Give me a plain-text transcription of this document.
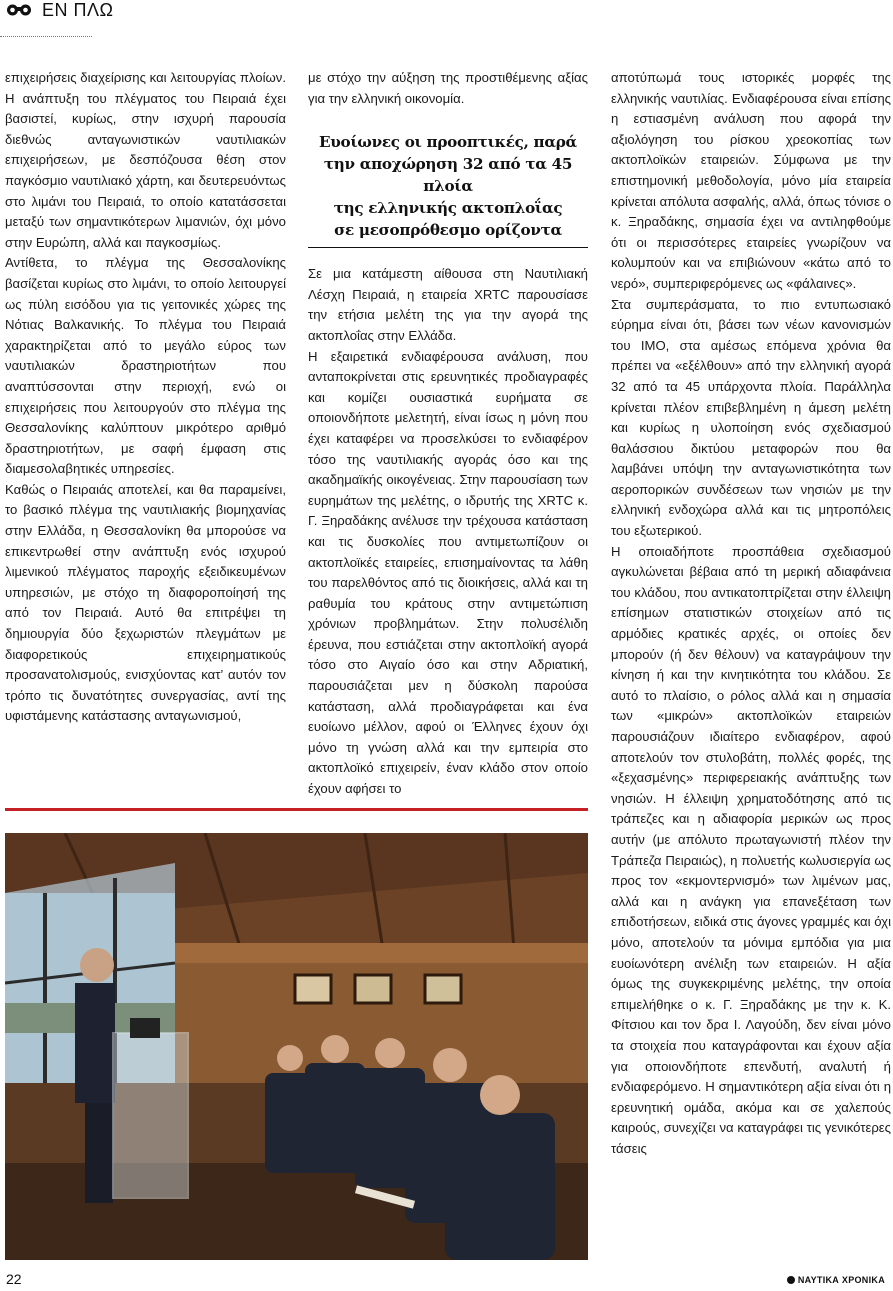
ΕΝ ΠΛΩ

επιχειρήσεις διαχείρισης και λειτουργίας πλοίων. Η ανάπτυξη του πλέγματος του Πειραιά έχει βασιστεί, κυρίως, στην ισχυρή παρουσία διεθνώς ανταγωνιστικών ναυτιλιακών επιχειρήσεων, με δεσπόζουσα θέση στον παγκόσμιο ναυτιλιακό χάρτη, και δευτερευόντως στο λιμάνι του Πειραιά, το οποίο κατατάσσεται μεταξύ των σημαντικότερων λιμανιών, όχι μόνο στην Ευρώπη, αλλά και παγκοσμίως.

Αντίθετα, το πλέγμα της Θεσσαλονίκης βασίζεται κυρίως στο λιμάνι, το οποίο λειτουργεί ως πύλη εισόδου για τις γειτονικές χώρες της Νότιας Βαλκανικής. Το πλέγμα του Πειραιά χαρακτηρίζεται από το μεγάλο εύρος των ναυτιλιακών δραστηριοτήτων που αναπτύσσονται στην περιοχή, ενώ οι επιχειρήσεις που λειτουργούν στο πλέγμα της Θεσσαλονίκης καλύπτουν μικρότερο αριθμό δραστηριοτήτων, με σαφή έμφαση στις διαμεσολαβητικές υπηρεσίες.

Καθώς ο Πειραιάς αποτελεί, και θα παραμείνει, το βασικό πλέγμα της ναυτιλιακής βιομηχανίας στην Ελλάδα, η Θεσσαλονίκη θα μπορούσε να επικεντρωθεί στην ανάπτυξη ενός ισχυρού λιμενικού πλέγματος παροχής εξειδικευμένων υπηρεσιών, με στόχο τη διαφοροποίησή της από τον Πειραιά. Αυτό θα επιτρέψει τη δημιουργία δύο ξεχωριστών πλεγμάτων με διαφορετικούς επιχειρηματικούς προσανατολισμούς, ενισχύοντας κατ’ αυτόν τον τρόπο τις δυνατότητες συνεργασίας, αντί της υφιστάμενης κατάστασης ανταγωνισμού,

με στόχο την αύξηση της προστιθέμενης αξίας για την ελληνική οικονομία.

Ευοίωνες οι προοπτικές, παρά
την αποχώρηση 32 από τα 45 πλοία
της ελληνικής ακτοπλοΐας
σε μεσοπρόθεσμο ορίζοντα

Σε μια κατάμεστη αίθουσα στη Ναυτιλιακή Λέσχη Πειραιά, η εταιρεία XRTC παρουσίασε την ετήσια μελέτη της για την αγορά της ακτοπλοΐας στην Ελλάδα.

Η εξαιρετικά ενδιαφέρουσα ανάλυση, που ανταποκρίνεται στις ερευνητικές προδιαγραφές και κομίζει ουσιαστικά ευρήματα σε οποιονδήποτε μελετητή, είναι ίσως η μόνη που έχει καταφέρει να προσελκύσει το ενδιαφέρον τόσο της ναυτιλιακής αγοράς όσο και της ακαδημαϊκής οικογένειας. Στην παρουσίαση των ευρημάτων της μελέτης, ο ιδρυτής της XRTC κ. Γ. Ξηραδάκης ανέλυσε την τρέχουσα κατάσταση και τις δυσκολίες που αντιμετωπίζουν οι ακτοπλοϊκές εταιρείες, επισημαίνοντας τα λάθη του παρελθόντος από τις διοικήσεις, αλλά και τη ραθυμία του κράτους στην αντιμετώπιση χρόνιων προβλημάτων. Στην πολυσέλιδη έρευνα, που εστιάζεται στην ακτοπλοϊκή αγορά τόσο στο Αιγαίο όσο και στην Αδριατική, παρουσιάζεται μεν η δύσκολη παρούσα κατάσταση, αλλά προδιαγράφεται και ένα ευοίωνο μέλλον, αφού οι Έλληνες έχουν όχι μόνο τη γνώση αλλά και την εμπειρία στο ακτοπλοϊκό επιχειρείν, έναν κλάδο στον οποίο έχουν αφήσει το

αποτύπωμά τους ιστορικές μορφές της ελληνικής ναυτιλίας. Ενδιαφέρουσα είναι επίσης η εστιασμένη ανάλυση που αφορά την αξιολόγηση του ρίσκου χρεοκοπίας των ακτοπλοϊκών εταιρειών. Σύμφωνα με την επιστημονική μεθοδολογία, μόνο μία εταιρεία κρίνεται απόλυτα ασφαλής, αλλά, όπως τόνισε ο κ. Ξηραδάκης, σημασία έχει να αντιληφθούμε ότι οι περισσότερες εταιρείες γνωρίζουν να κολυμπούν και να επιβιώνουν «κάτω από το νερό», συμπεριφερόμενες ως «φάλαινες».

Στα συμπεράσματα, το πιο εντυπωσιακό εύρημα είναι ότι, βάσει των νέων κανονισμών του IMO, στα αμέσως επόμενα χρόνια θα πρέπει να «εξέλθουν» από την ελληνική αγορά 32 από τα 45 υπάρχοντα πλοία. Παράλληλα κρίνεται πλέον επιβεβλημένη η άμεση μελέτη και κυρίως η υλοποίηση ενός σχεδιασμού θαλάσσιου δικτύου μεταφορών που θα λαμβάνει υπόψη την ανταγωνιστικότητα των αεροπορικών συνδέσεων των νησιών με την ελληνική ενδοχώρα αλλά και τις μητροπόλεις του εξωτερικού.

Η οποιαδήποτε προσπάθεια σχεδιασμού αγκυλώνεται βέβαια από τη μερική αδιαφάνεια του κλάδου, που αντικατοπτρίζεται στην έλλειψη επίσημων στατιστικών στοιχείων από τις αρμόδιες κρατικές αρχές, οι οποίες δεν μπορούν (ή δεν θέλουν) να καταγράψουν την κίνηση ή και την κινητικότητα του κλάδου. Σε αυτό το πλαίσιο, ο ρόλος αλλά και η σημασία των «μικρών» ακτοπλοϊκών εταιρειών παρουσιάζουν ιδιαίτερο ενδιαφέρον, αφού αποτελούν τον στυλοβάτη, πολλές φορές, της «ξεχασμένης» περιφερειακής ανάπτυξης των νησιών. Η έλλειψη χρηματοδότησης από τις τράπεζες και η αδιαφορία μερικών ως προς αυτήν (με απόλυτο πρωταγωνιστή πλέον την Τράπεζα Πειραιώς), η πολυετής κωλυσιεργία ως προς τον «εκμοντερνισμό» των λιμένων μας, αλλά και η ανάγκη για επανεξέταση των επιδοτήσεων, ειδικά στις άγονες γραμμές και όχι μόνο, αποτελούν τα μόνιμα εμπόδια για μια ευοίωνότερη ανέλιξη των εταιρειών. Η αξία όμως της συγκεκριμένης μελέτης, την οποία επιμελήθηκε ο κ. Γ. Ξηραδάκης με την κ. Κ. Φίτσιου και τον δρα Ι. Λαγούδη, δεν είναι μόνο τα στοιχεία που καταγράφονται και έχουν αξία για οποιονδήποτε επενδυτή, αναλυτή ή ενδιαφερόμενο. Η σημαντικότερη αξία είναι ότι η ερευνητική ομάδα, ακόμα και σε χαλεπούς καιρούς, συνεχίζει να καταγράφει τις γενικότερες τάσεις

22	ΝΑΥΤΙΚΑ ΧΡΟΝΙΚΑ
